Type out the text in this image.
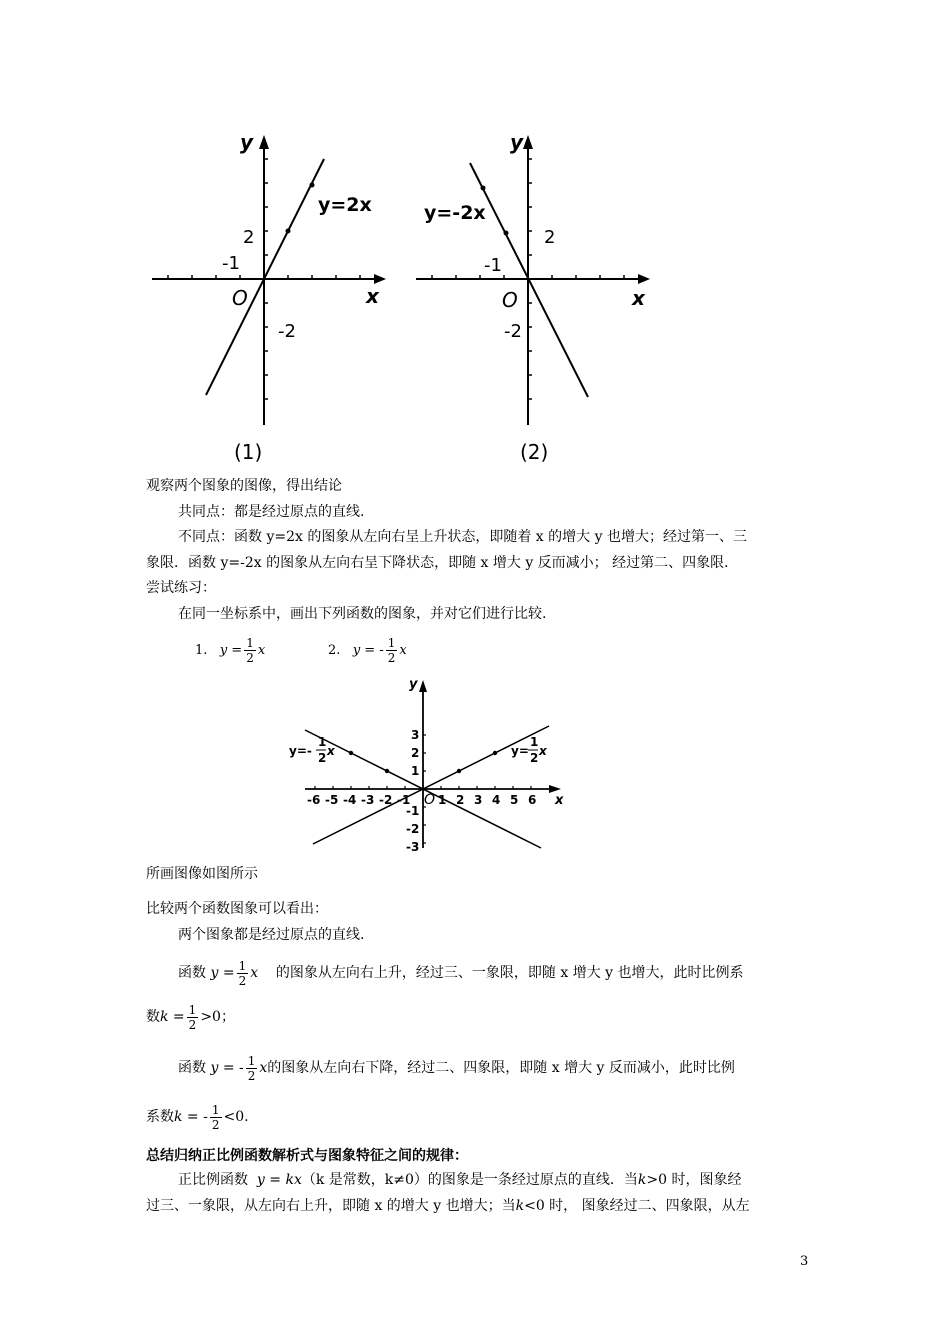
y
x
O
y=2x
2
-1
-2
(1)
y
x
O
y=-2x
2
-1
-2
(2)
观察两个图象的图像，得出结论
共同点：都是经过原点的直线.
不同点：函数 y=2x 的图象从左向右呈上升状态，即随着 x 的增大 y 也增大；经过第一、三
象限．函数 y=-2x 的图象从左向右呈下降状态，即随 x 增大 y 反而减小； 经过第二、四象限．
尝试练习：
在同一坐标系中，画出下列函数的图象，并对它们进行比较.
1. $y = \frac{1}{2}$ x	2. y = - $\frac{1}{2}$ x
y
x
O
-6 -5 -4 -3 -2 -1 1 2 3 4 5 6
3
2
1
-1
-2
-3
y=-
1
2 x	y=
1
2 x
所画图像如图所示
比较两个函数图象可以看出：
两个图象都是经过原点的直线.
函数 $y = \frac{1}{2}$ x 的图象从左向右上升，经过三、一象限，即随 x 增大 y 也增大，此时比例系
数$k = \frac{1}{2} >0$；
函数 y = - $\frac{1}{2}$ x的图象从左向右下降，经过二、四象限，即随 x 增大 y 反而减小，此时比例
系数k = - $\frac{1}{2} <0$.
总结归纳正比例函数解析式与图象特征之间的规律：
正比例函数 y = kx（k 是常数，k≠0）的图象是一条经过原点的直线．当k>0 时，图象经
过三、一象限，从左向右上升，即随 x 的增大 y 也增大；当k<0 时， 图象经过二、四象限，从左
3
